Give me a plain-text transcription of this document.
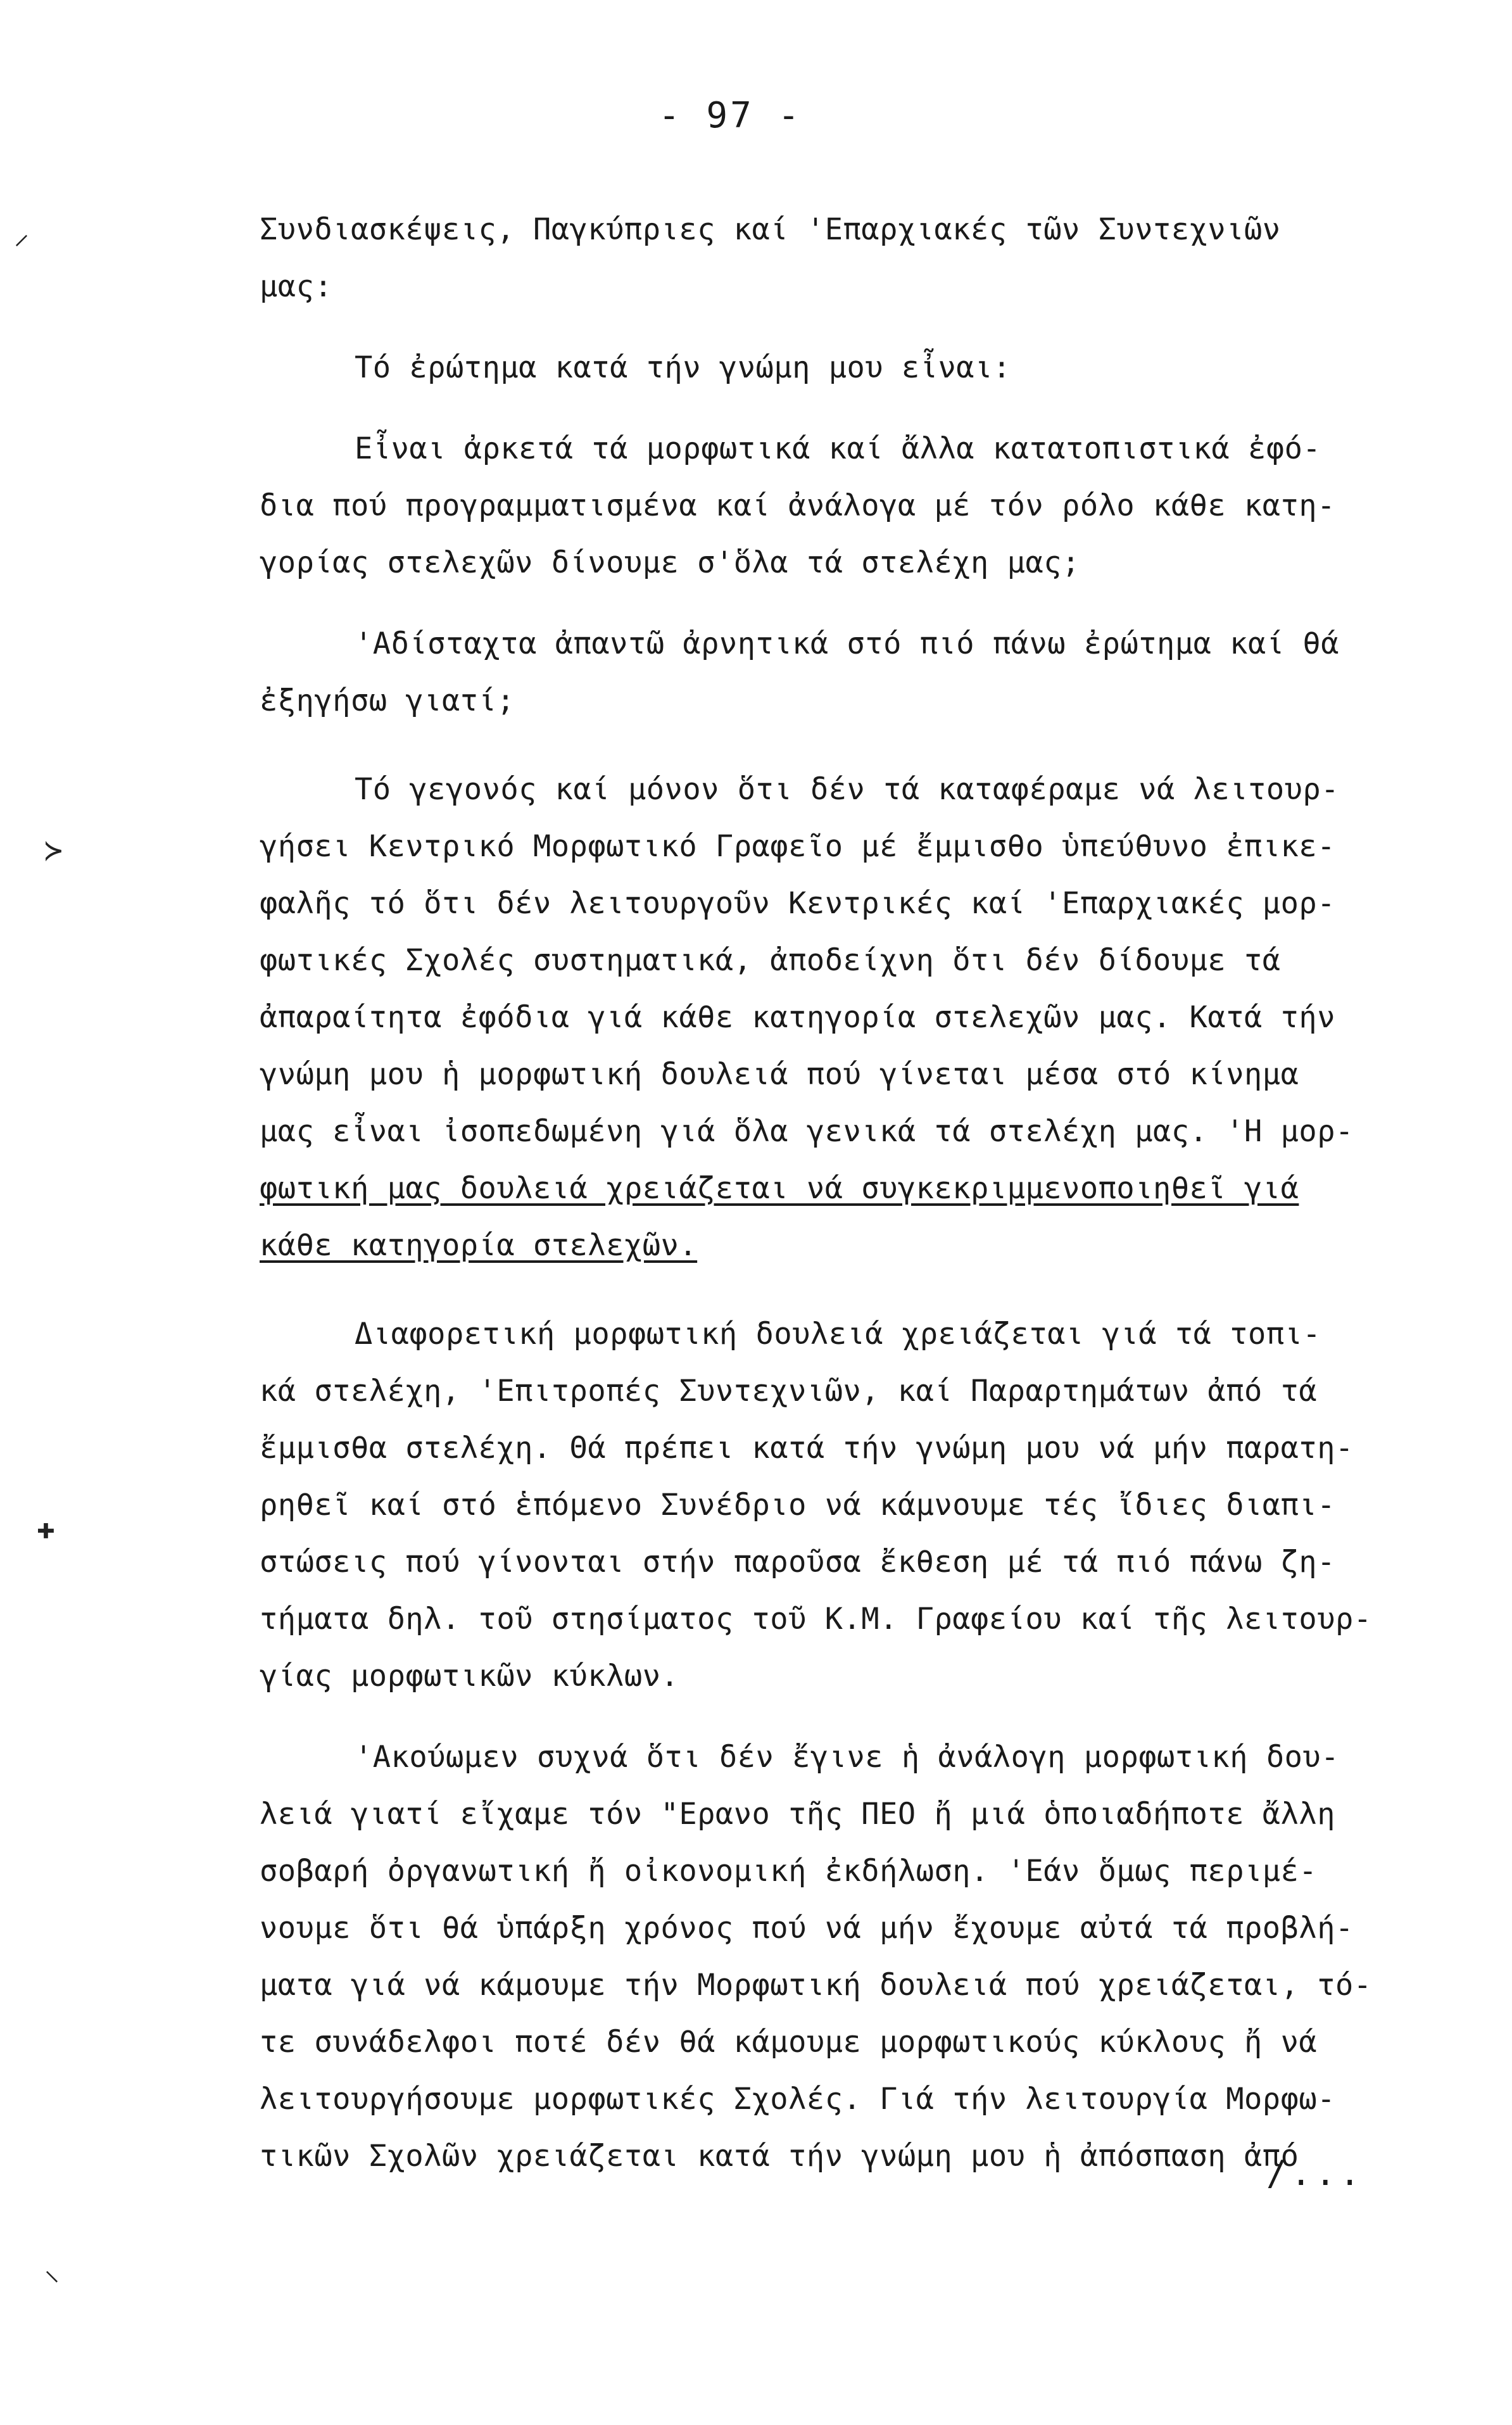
- 97 -
⸝
≻
✚
⸜
Συνδιασκέψεις, Παγκύπριες καί 'Επαρχιακές τῶν Συντεχνιῶν
μας:
Τό ἐρώτημα κατά τήν γνώμη μου εἶναι:
Εἶναι ἀρκετά τά μορφωτικά καί ἄλλα κατατοπιστικά ἐφό-
δια πού προγραμματισμένα καί ἀνάλογα μέ τόν ρόλο κάθε κατη-
γορίας στελεχῶν δίνουμε σ'ὅλα τά στελέχη μας;
'Αδίσταχτα ἀπαντῶ ἀρνητικά στό πιό πάνω ἐρώτημα καί θά
ἐξηγήσω γιατί;
Τό γεγονός καί μόνον ὅτι δέν τά καταφέραμε νά λειτουρ-
γήσει Κεντρικό Μορφωτικό Γραφεῖο μέ ἔμμισθο ὑπεύθυνο ἐπικε-
φαλῆς τό ὅτι δέν λειτουργοῦν Κεντρικές καί 'Επαρχιακές μορ-
φωτικές Σχολές συστηματικά, ἀποδείχνη ὅτι δέν δίδουμε τά
ἀπαραίτητα ἐφόδια γιά κάθε κατηγορία στελεχῶν μας. Κατά τήν
γνώμη μου ἡ μορφωτική δουλειά πού γίνεται μέσα στό κίνημα
μας εἶναι ἰσοπεδωμένη γιά ὅλα γενικά τά στελέχη μας. 'Η μορ-
φωτική μας δουλειά χρειάζεται νά συγκεκριμμενοποιηθεῖ γιά
κάθε κατηγορία στελεχῶν.
Διαφορετική μορφωτική δουλειά χρειάζεται γιά τά τοπι-
κά στελέχη, 'Επιτροπές Συντεχνιῶν, καί Παραρτημάτων ἀπό τά
ἔμμισθα στελέχη. Θά πρέπει κατά τήν γνώμη μου νά μήν παρατη-
ρηθεῖ καί στό ἑπόμενο Συνέδριο νά κάμνουμε τές ἴδιες διαπι-
στώσεις πού γίνονται στήν παροῦσα ἔκθεση μέ τά πιό πάνω ζη-
τήματα δηλ. τοῦ στησίματος τοῦ Κ.Μ. Γραφείου καί τῆς λειτουρ-
γίας μορφωτικῶν κύκλων.
'Ακούωμεν συχνά ὅτι δέν ἔγινε ἡ ἀνάλογη μορφωτική δου-
λειά γιατί εἴχαμε τόν "Ερανο τῆς ΠΕΟ ἤ μιά ὁποιαδήποτε ἄλλη
σοβαρή ὀργανωτική ἤ οἰκονομική ἐκδήλωση. 'Εάν ὅμως περιμέ-
νουμε ὅτι θά ὑπάρξη χρόνος πού νά μήν ἔχουμε αὐτά τά προβλή-
ματα γιά νά κάμουμε τήν Μορφωτική δουλειά πού χρειάζεται, τό-
τε συνάδελφοι ποτέ δέν θά κάμουμε μορφωτικούς κύκλους ἤ νά
λειτουργήσουμε μορφωτικές Σχολές. Γιά τήν λειτουργία Μορφω-
τικῶν Σχολῶν χρειάζεται κατά τήν γνώμη μου ἡ ἀπόσπαση ἀπό
/...
